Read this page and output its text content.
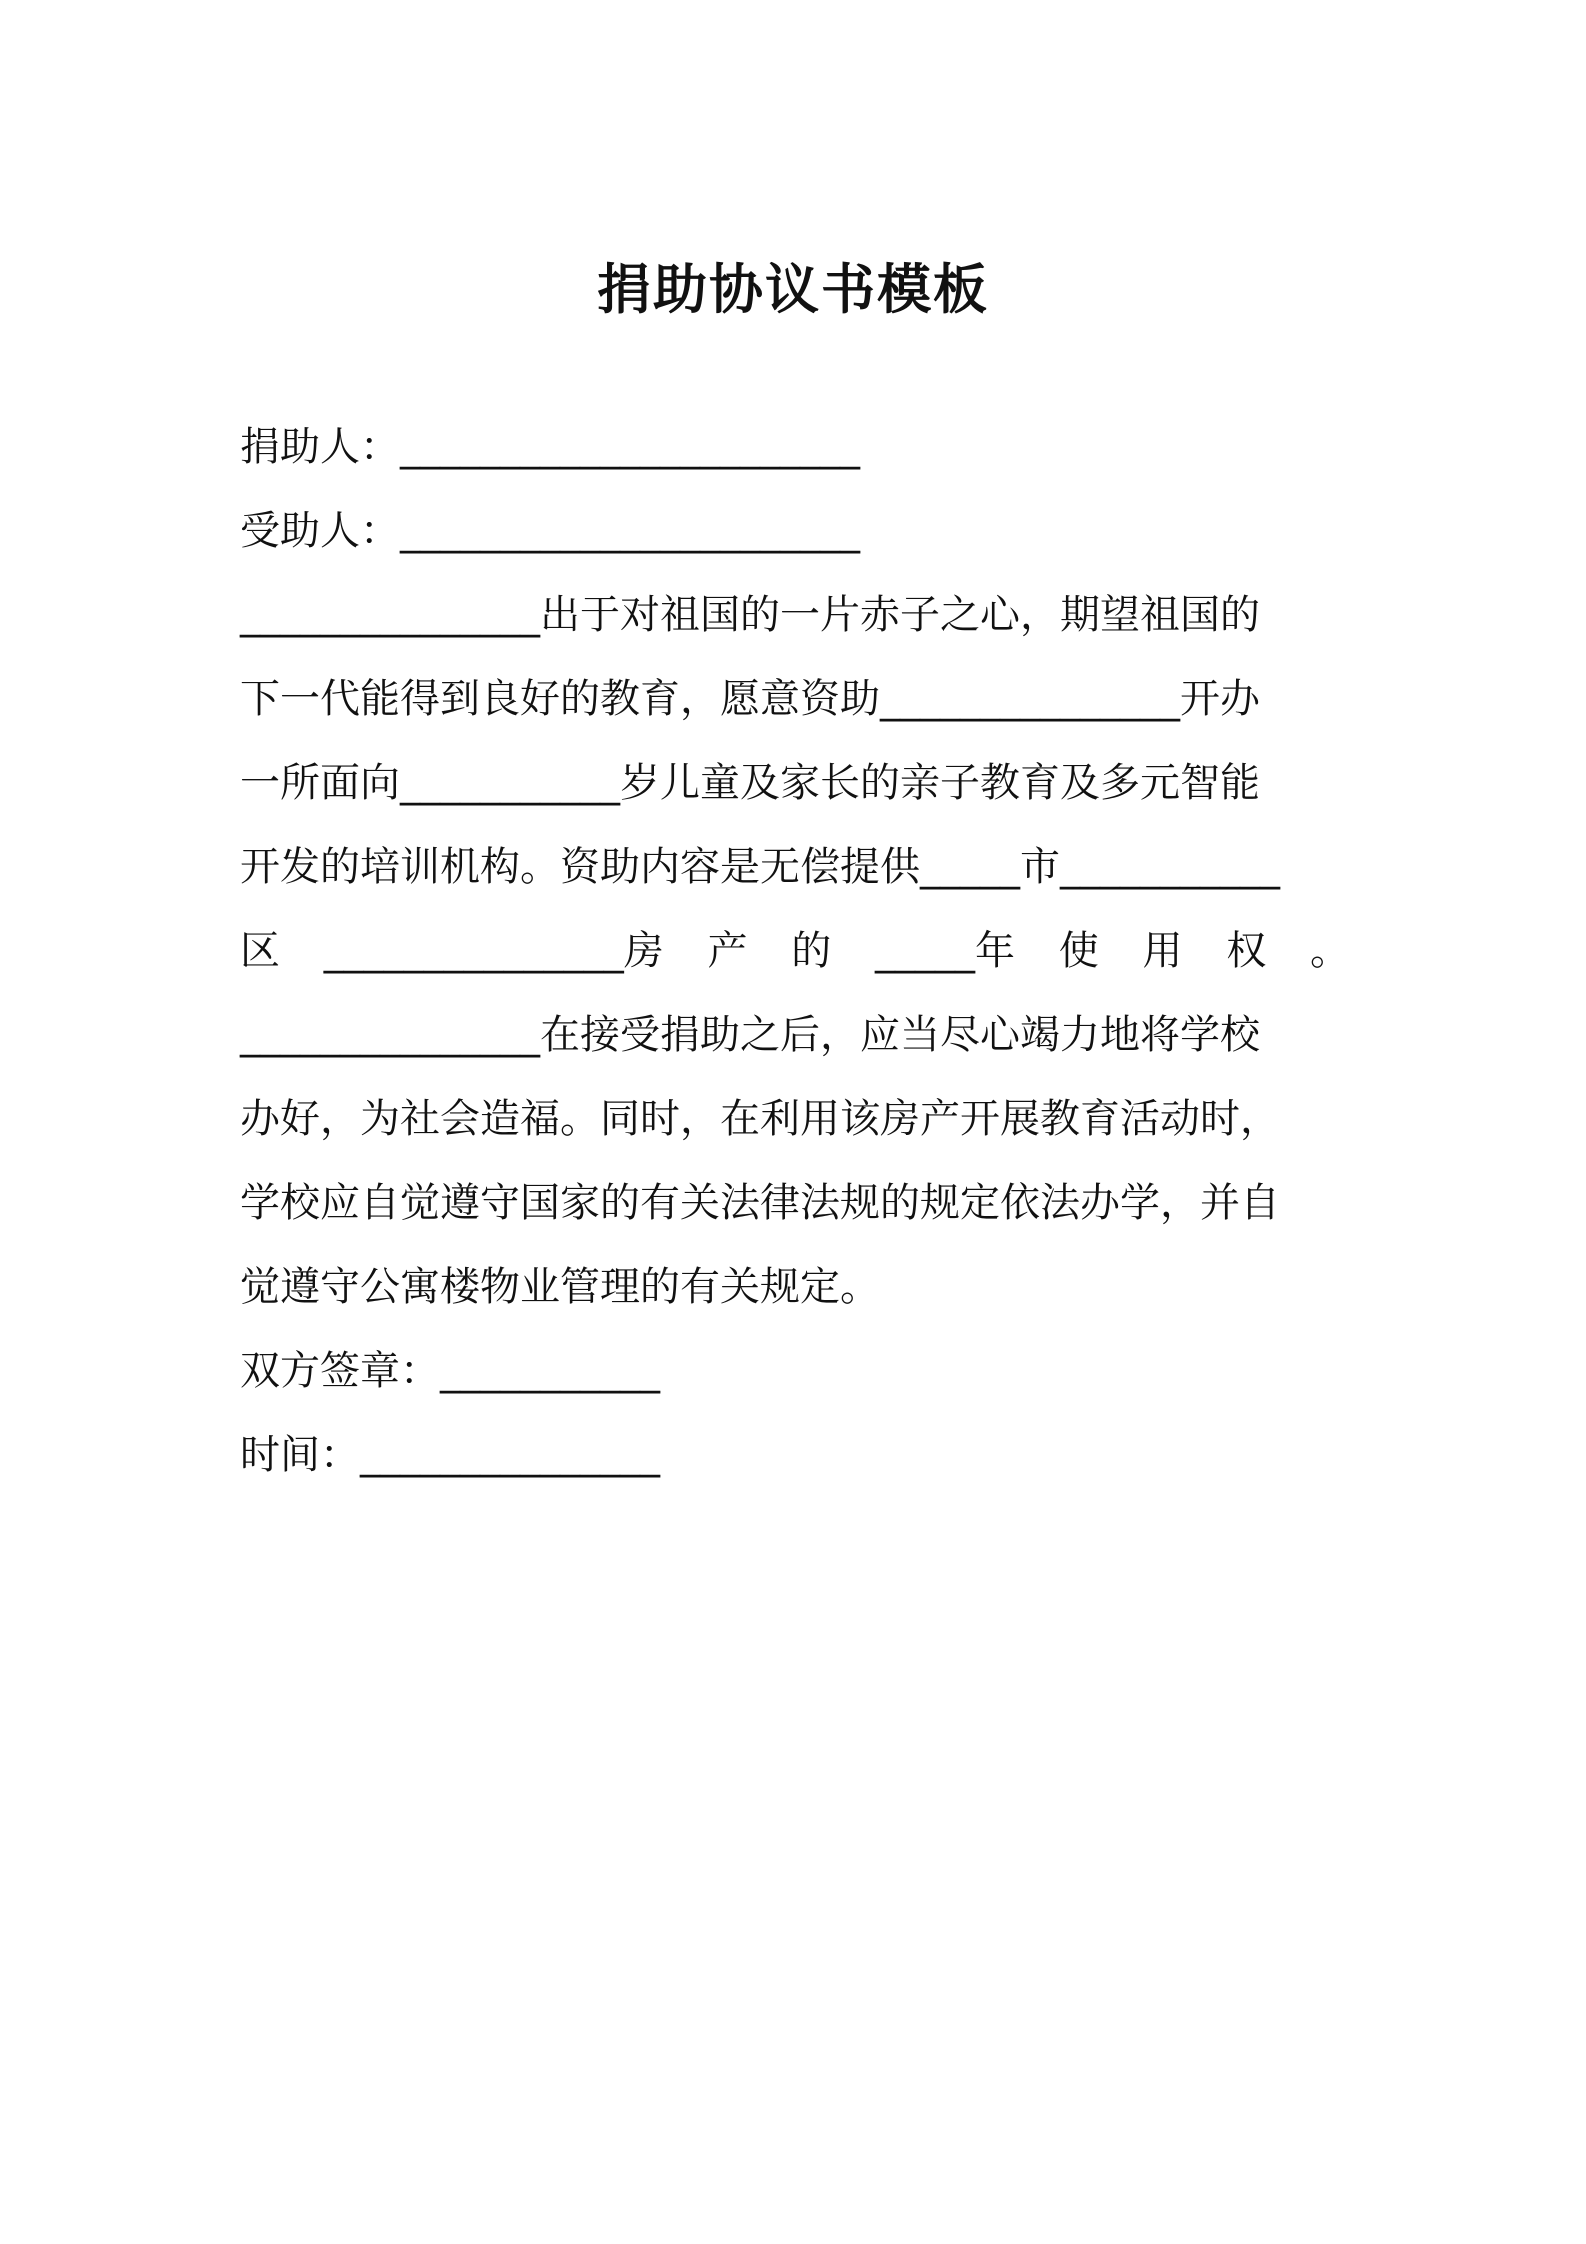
捐助协议书模板
捐助人：_______________________
受助人：_______________________
_______________出于对祖国的一片赤子之心，期望祖国的
下一代能得到良好的教育，愿意资助_______________开办
一所面向___________岁儿童及家长的亲子教育及多元智能
开发的培训机构。资助内容是无偿提供_____市___________
区 _______________房 产 的 _____年 使 用 权 。
_______________在接受捐助之后，应当尽心竭力地将学校
办好，为社会造福。同时，在利用该房产开展教育活动时，
学校应自觉遵守国家的有关法律法规的规定依法办学，并自
觉遵守公寓楼物业管理的有关规定。
双方签章：___________
时间：_______________
